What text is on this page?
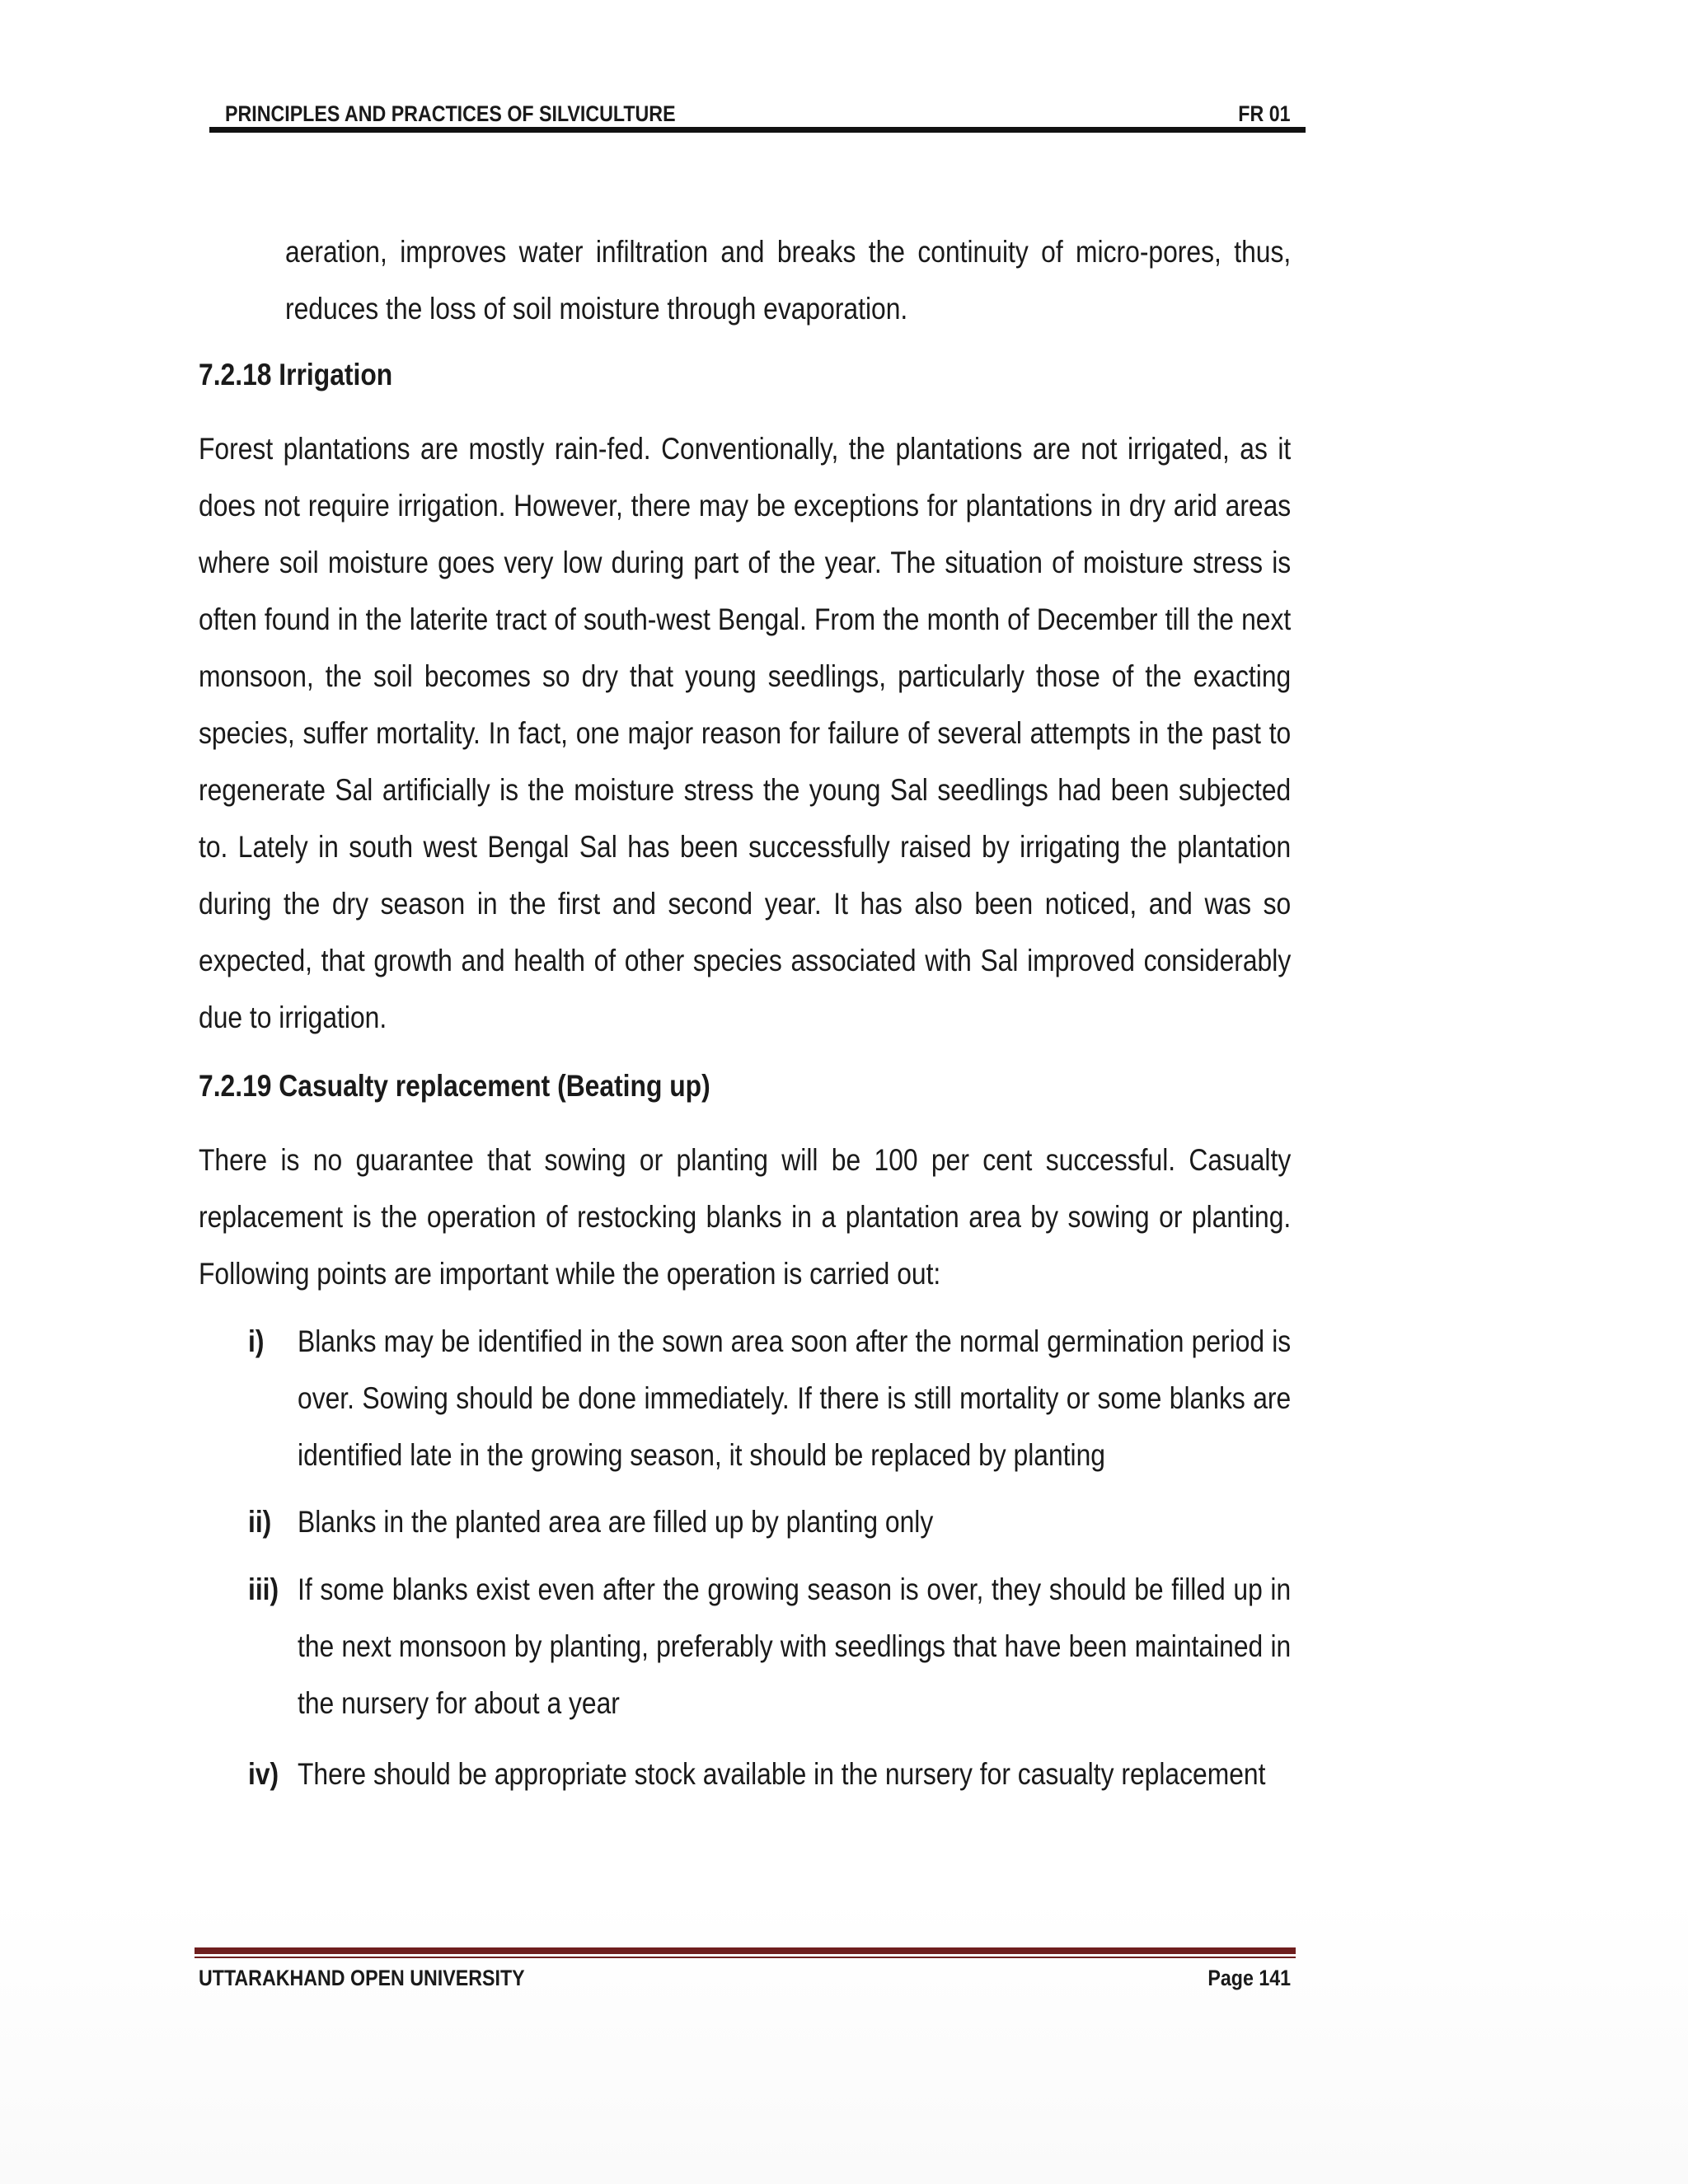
PRINCIPLES AND PRACTICES OF SILVICULTURE	FR 01
aeration, improves water infiltration and breaks the continuity of micro-pores, thus, reduces the loss of soil moisture through evaporation.
7.2.18 Irrigation
Forest plantations are mostly rain-fed. Conventionally, the plantations are not irrigated, as it does not require irrigation. However, there may be exceptions for plantations in dry arid areas where soil moisture goes very low during part of the year. The situation of moisture stress is often found in the laterite tract of south-west Bengal. From the month of December till the next monsoon, the soil becomes so dry that young seedlings, particularly those of the exacting species, suffer mortality. In fact, one major reason for failure of several attempts in the past to regenerate Sal artificially is the moisture stress the young Sal seedlings had been subjected to. Lately in south west Bengal Sal has been successfully raised by irrigating the plantation during the dry season in the first and second year. It has also been noticed, and was so expected, that growth and health of other species associated with Sal improved considerably due to irrigation.
7.2.19 Casualty replacement (Beating up)
There is no guarantee that sowing or planting will be 100 per cent successful. Casualty replacement is the operation of restocking blanks in a plantation area by sowing or planting. Following points are important while the operation is carried out:
i) Blanks may be identified in the sown area soon after the normal germination period is over. Sowing should be done immediately. If there is still mortality or some blanks are identified late in the growing season, it should be replaced by planting
ii) Blanks in the planted area are filled up by planting only
iii) If some blanks exist even after the growing season is over, they should be filled up in the next monsoon by planting, preferably with seedlings that have been maintained in the nursery for about a year
iv) There should be appropriate stock available in the nursery for casualty replacement
UTTARAKHAND OPEN UNIVERSITY	Page 141
